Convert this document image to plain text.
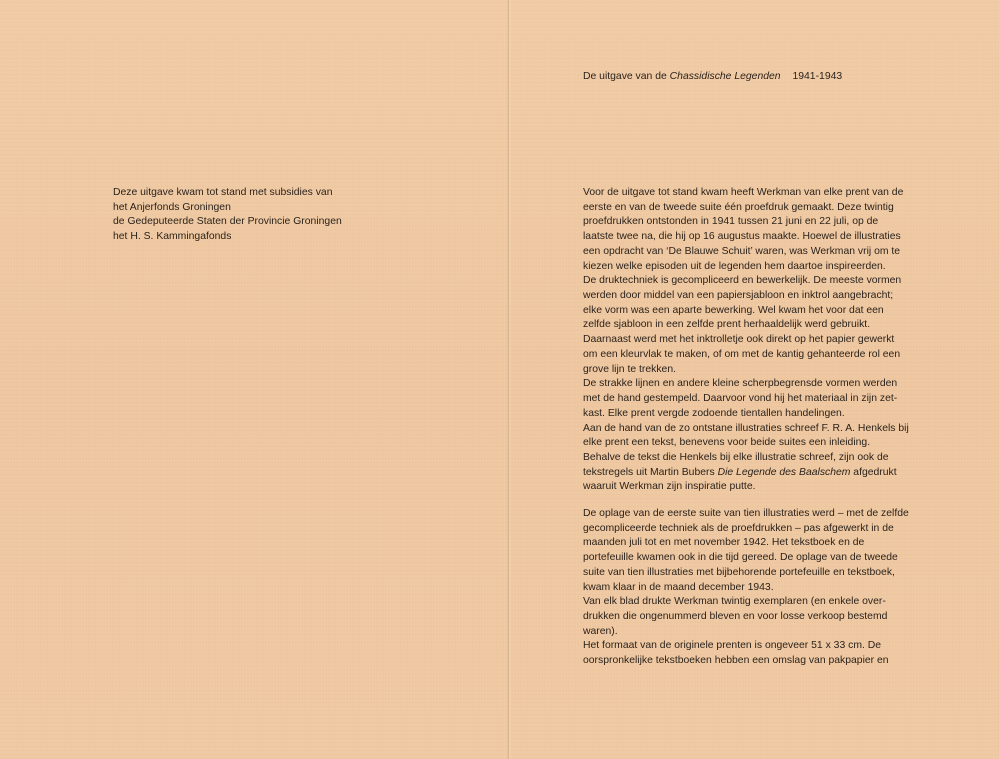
Deze uitgave kwam tot stand met subsidies van
het Anjerfonds Groningen
de Gedeputeerde Staten der Provincie Groningen
het H. S. Kammingafonds
De uitgave van de Chassidische Legenden 1941-1943
Voor de uitgave tot stand kwam heeft Werkman van elke prent van de
eerste en van de tweede suite één proefdruk gemaakt. Deze twintig
proefdrukken ontstonden in 1941 tussen 21 juni en 22 juli, op de
laatste twee na, die hij op 16 augustus maakte. Hoewel de illustraties
een opdracht van ‘De Blauwe Schuit’ waren, was Werkman vrij om te
kiezen welke episoden uit de legenden hem daartoe inspireerden.
De druktechniek is gecompliceerd en bewerkelijk. De meeste vormen
werden door middel van een papiersjabloon en inktrol aangebracht;
elke vorm was een aparte bewerking. Wel kwam het voor dat een
zelfde sjabloon in een zelfde prent herhaaldelijk werd gebruikt.
Daarnaast werd met het inktrolletje ook direkt op het papier gewerkt
om een kleurvlak te maken, of om met de kantig gehanteerde rol een
grove lijn te trekken.
De strakke lijnen en andere kleine scherpbegrensde vormen werden
met de hand gestempeld. Daarvoor vond hij het materiaal in zijn zet-
kast. Elke prent vergde zodoende tientallen handelingen.
Aan de hand van de zo ontstane illustraties schreef F. R. A. Henkels bij
elke prent een tekst, benevens voor beide suites een inleiding.
Behalve de tekst die Henkels bij elke illustratie schreef, zijn ook de
tekstregels uit Martin Bubers Die Legende des Baalschem afgedrukt
waaruit Werkman zijn inspiratie putte.
De oplage van de eerste suite van tien illustraties werd – met de zelfde
gecompliceerde techniek als de proefdrukken – pas afgewerkt in de
maanden juli tot en met november 1942. Het tekstboek en de
portefeuille kwamen ook in die tijd gereed. De oplage van de tweede
suite van tien illustraties met bijbehorende portefeuille en tekstboek,
kwam klaar in de maand december 1943.
Van elk blad drukte Werkman twintig exemplaren (en enkele over-
drukken die ongenummerd bleven en voor losse verkoop bestemd
waren).
Het formaat van de originele prenten is ongeveer 51 x 33 cm. De
oorspronkelijke tekstboeken hebben een omslag van pakpapier en
